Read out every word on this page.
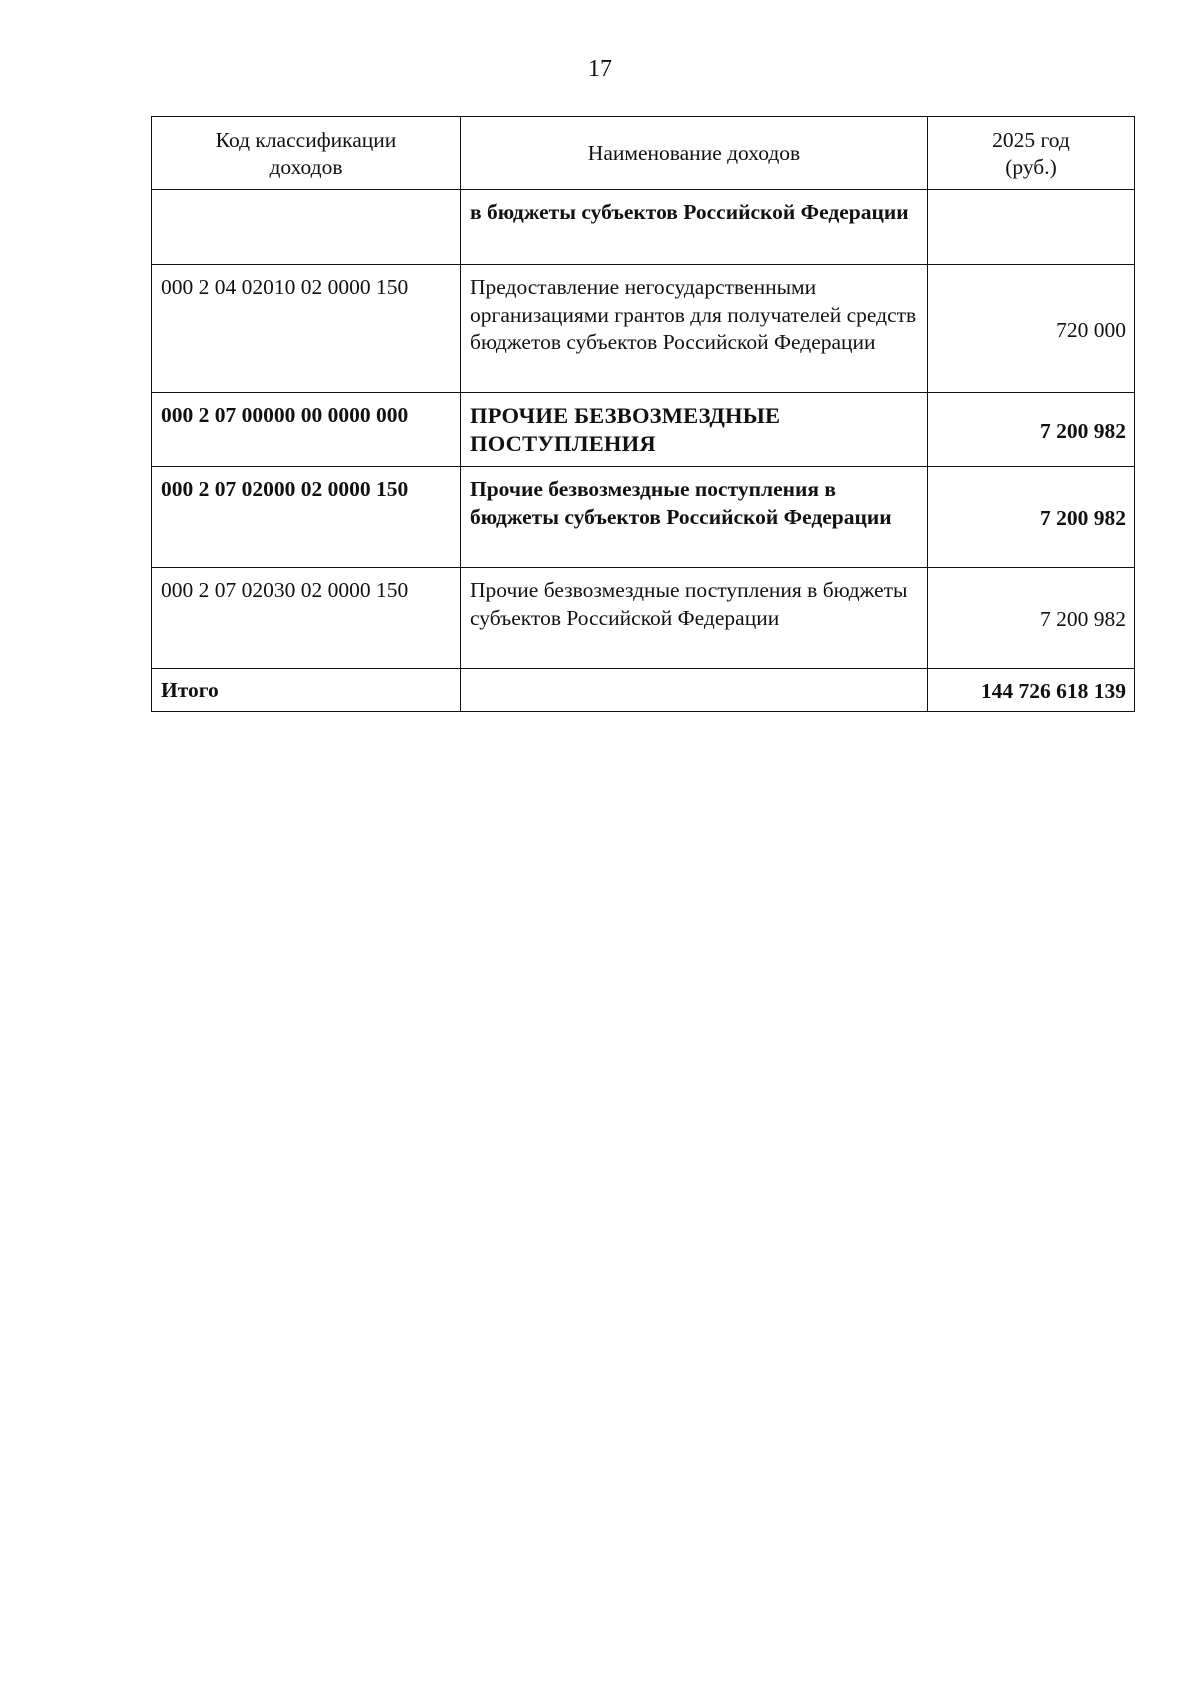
17
Код классификации доходов	Наименование доходов	2025 год (руб.)
	в бюджеты субъектов Российской Федерации	
000 2 04 02010 02 0000 150	Предоставление негосударственными организациями грантов для получателей средств бюджетов субъектов Российской Федерации	720 000
000 2 07 00000 00 0000 000	ПРОЧИЕ БЕЗВОЗМЕЗДНЫЕ ПОСТУПЛЕНИЯ	7 200 982
000 2 07 02000 02 0000 150	Прочие безвозмездные поступления в бюджеты субъектов Российской Федерации	7 200 982
000 2 07 02030 02 0000 150	Прочие безвозмездные поступления в бюджеты субъектов Российской Федерации	7 200 982
Итого		144 726 618 139
